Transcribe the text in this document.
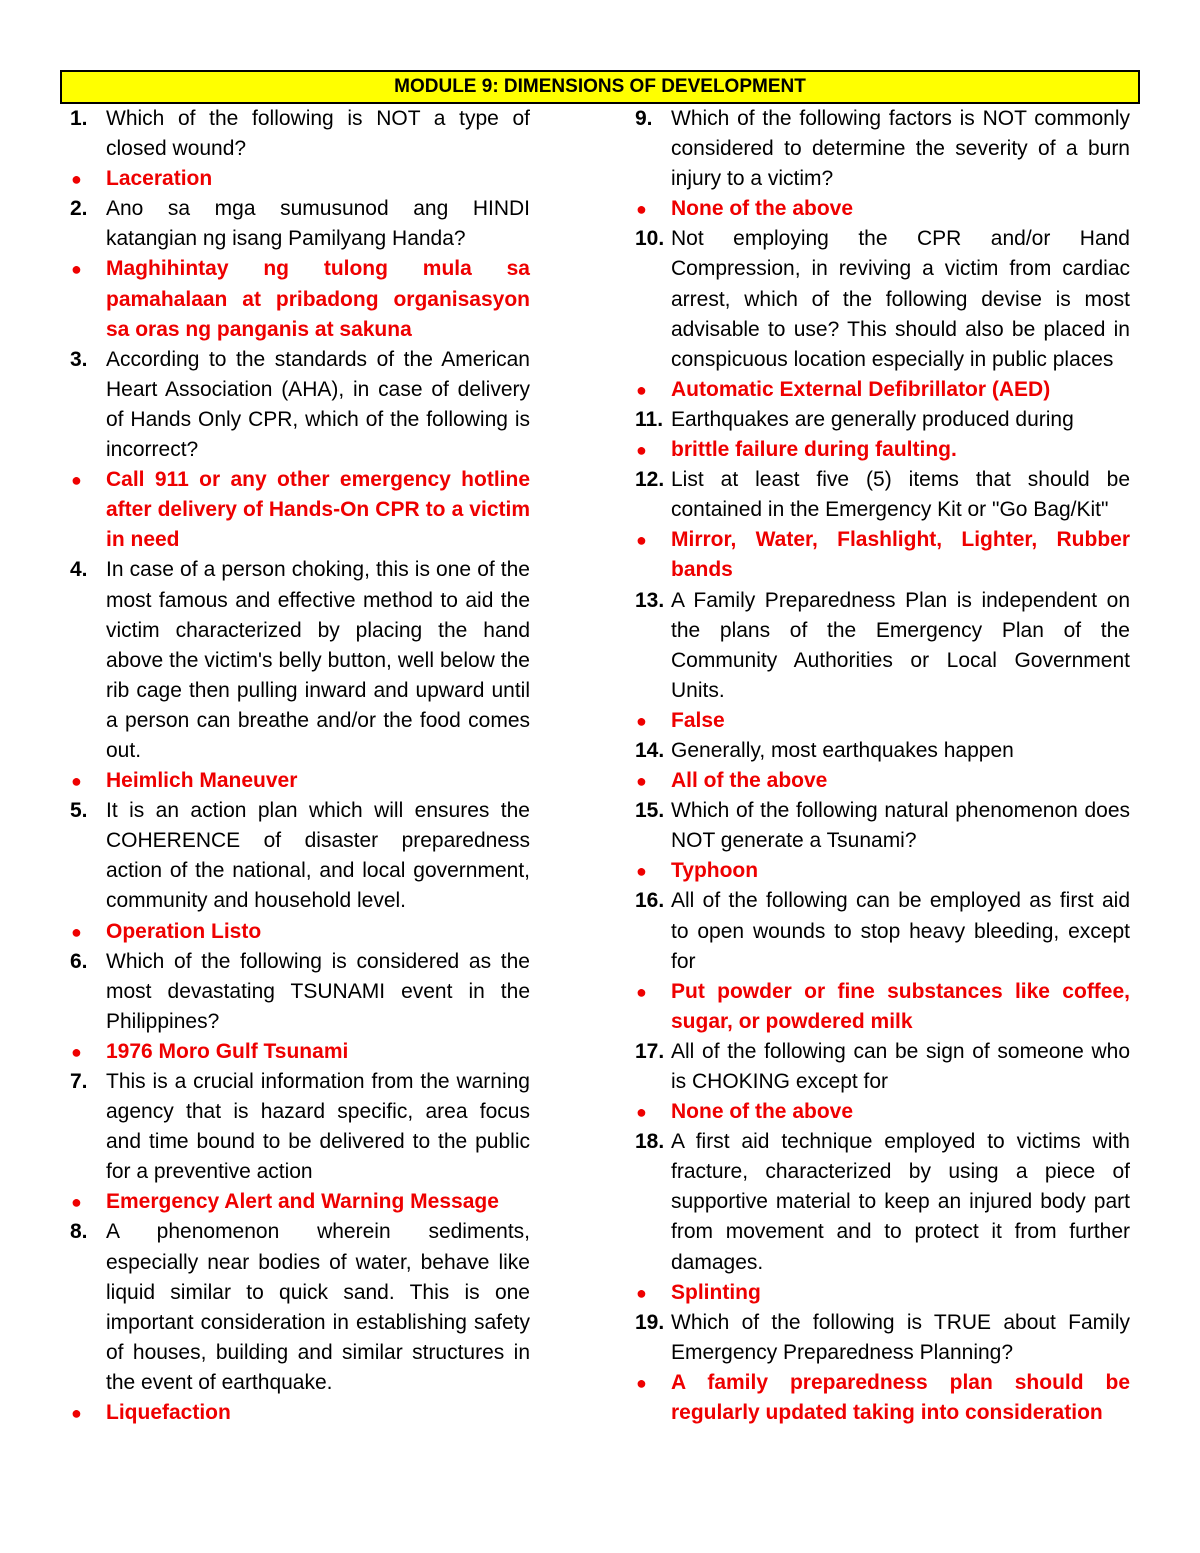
MODULE 9: DIMENSIONS OF DEVELOPMENT
1. Which of the following is NOT a type of closed wound?
● Laceration
2. Ano sa mga sumusunod ang HINDI katangian ng isang Pamilyang Handa?
● Maghihintay ng tulong mula sa pamahalaan at pribadong organisasyon sa oras ng panganis at sakuna
3. According to the standards of the American Heart Association (AHA), in case of delivery of Hands Only CPR, which of the following is incorrect?
● Call 911 or any other emergency hotline after delivery of Hands-On CPR to a victim in need
4. In case of a person choking, this is one of the most famous and effective method to aid the victim characterized by placing the hand above the victim's belly button, well below the rib cage then pulling inward and upward until a person can breathe and/or the food comes out.
● Heimlich Maneuver
5. It is an action plan which will ensures the COHERENCE of disaster preparedness action of the national, and local government, community and household level.
● Operation Listo
6. Which of the following is considered as the most devastating TSUNAMI event in the Philippines?
● 1976 Moro Gulf Tsunami
7. This is a crucial information from the warning agency that is hazard specific, area focus and time bound to be delivered to the public for a preventive action
● Emergency Alert and Warning Message
8. A phenomenon wherein sediments, especially near bodies of water, behave like liquid similar to quick sand. This is one important consideration in establishing safety of houses, building and similar structures in the event of earthquake.
● Liquefaction
9. Which of the following factors is NOT commonly considered to determine the severity of a burn injury to a victim?
● None of the above
10. Not employing the CPR and/or Hand Compression, in reviving a victim from cardiac arrest, which of the following devise is most advisable to use? This should also be placed in conspicuous location especially in public places
● Automatic External Defibrillator (AED)
11. Earthquakes are generally produced during
● brittle failure during faulting.
12. List at least five (5) items that should be contained in the Emergency Kit or "Go Bag/Kit"
● Mirror, Water, Flashlight, Lighter, Rubber bands
13. A Family Preparedness Plan is independent on the plans of the Emergency Plan of the Community Authorities or Local Government Units.
● False
14. Generally, most earthquakes happen
● All of the above
15. Which of the following natural phenomenon does NOT generate a Tsunami?
● Typhoon
16. All of the following can be employed as first aid to open wounds to stop heavy bleeding, except for
● Put powder or fine substances like coffee, sugar, or powdered milk
17. All of the following can be sign of someone who is CHOKING except for
● None of the above
18. A first aid technique employed to victims with fracture, characterized by using a piece of supportive material to keep an injured body part from movement and to protect it from further damages.
● Splinting
19. Which of the following is TRUE about Family Emergency Preparedness Planning?
● A family preparedness plan should be regularly updated taking into consideration
